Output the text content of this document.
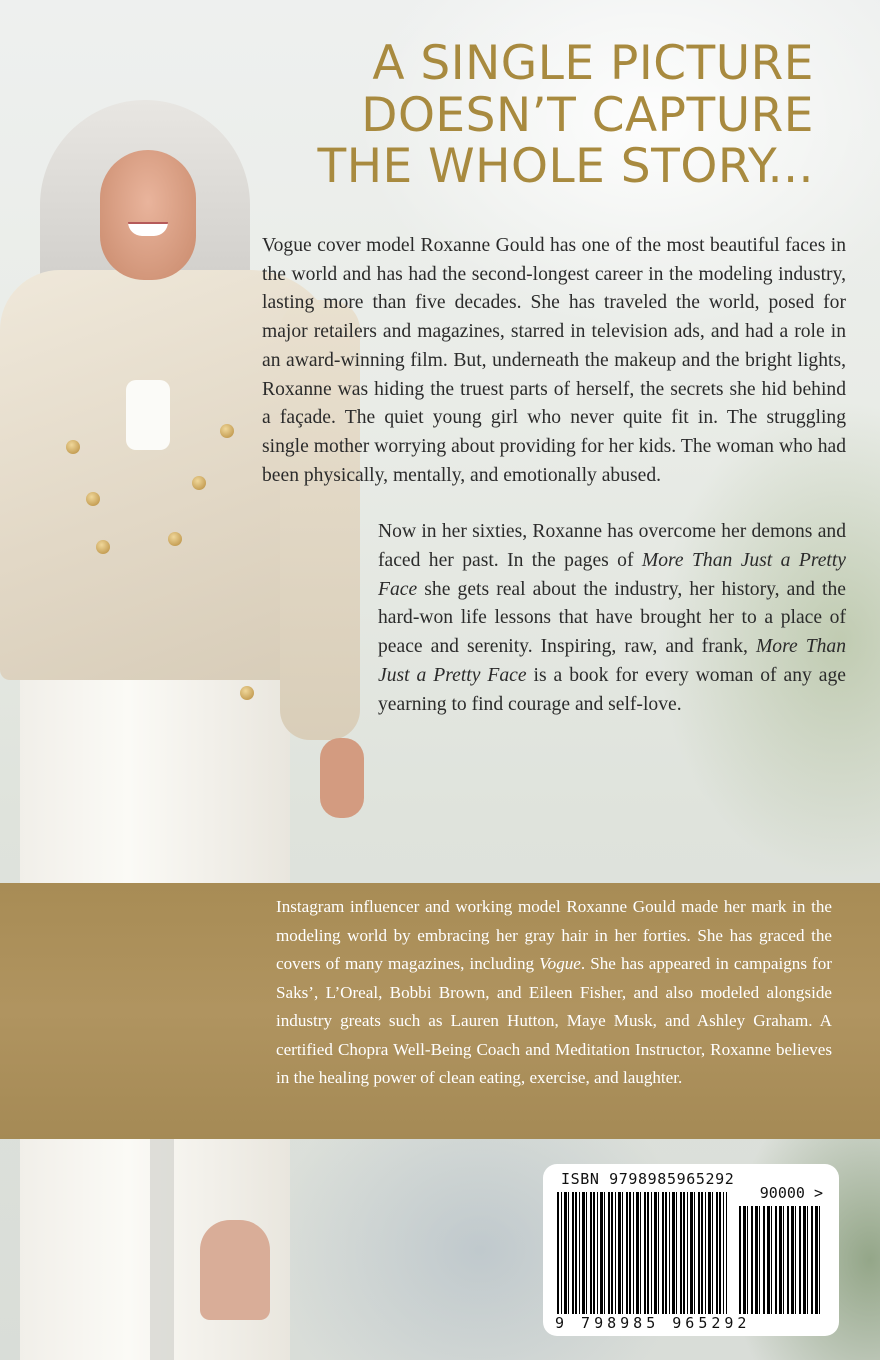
A SINGLE PICTURE
DOESN’T CAPTURE
THE WHOLE STORY...

Vogue cover model Roxanne Gould has one of the most beautiful faces in the world and has had the second-longest career in the modeling industry, lasting more than five decades. She has traveled the world, posed for major retailers and magazines, starred in television ads, and had a role in an award-winning film. But, underneath the makeup and the bright lights, Roxanne was hiding the truest parts of herself, the secrets she hid behind a façade. The quiet young girl who never quite fit in. The struggling single mother worrying about providing for her kids. The woman who had been physically, mentally, and emotionally abused.

Now in her sixties, Roxanne has overcome her demons and faced her past. In the pages of More Than Just a Pretty Face she gets real about the industry, her history, and the hard-won life lessons that have brought her to a place of peace and serenity. Inspiring, raw, and frank, More Than Just a Pretty Face is a book for every woman of any age yearning to find courage and self-love.

Instagram influencer and working model Roxanne Gould made her mark in the modeling world by embracing her gray hair in her forties. She has graced the covers of many magazines, including Vogue. She has appeared in campaigns for Saks’, L’Oreal, Bobbi Brown, and Eileen Fisher, and also modeled alongside industry greats such as Lauren Hutton, Maye Musk, and Ashley Graham. A certified Chopra Well-Being Coach and Meditation Instructor, Roxanne believes in the healing power of clean eating, exercise, and laughter.

ISBN 9798985965292
90000 >
9 798985 965292
